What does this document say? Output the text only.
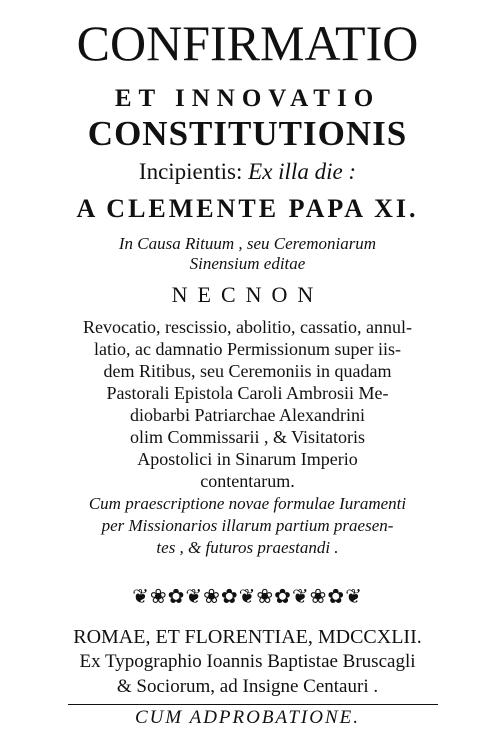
CONFIRMATIO
ET INNOVATIO
CONSTITUTIONIS
Incipientis: Ex illa die :
A CLEMENTE PAPA XI.
In Causa Rituum , seu Ceremoniarum
Sinensium editae
NECNON
Revocatio, rescissio, abolitio, cassatio, annul-
latio, ac damnatio Permissionum super iis-
dem Ritibus, seu Ceremoniis in quadam
Pastorali Epistola Caroli Ambrosii Me-
diobarbi Patriarchae Alexandrini
olim Commissarii , & Visitatoris
Apostolici in Sinarum Imperio
contentarum.
Cum praescriptione novae formulae Iuramenti
per Missionarios illarum partium praesen-
tes , & futuros praestandi .
❦❀✿❦❀✿❦❀✿❦❀✿❦
ROMAE, ET FLORENTIAE, MDCCXLII.
Ex Typographio Ioannis Baptistae Bruscagli
& Sociorum, ad Insigne Centauri .
CUM ADPROBATIONE.
